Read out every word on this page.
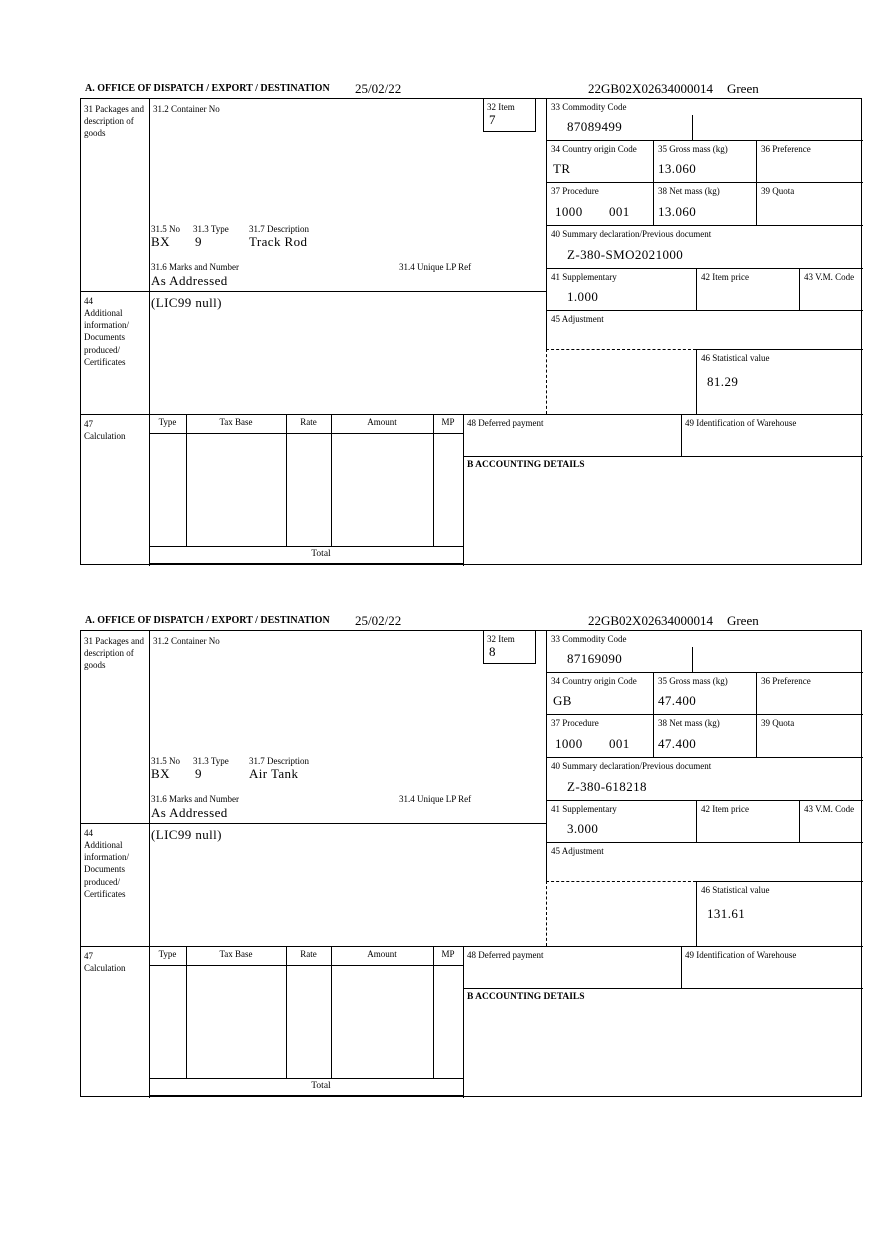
A. OFFICE OF DISPATCH / EXPORT / DESTINATION 25/02/22	22GB02X02634000014 Green
31 Packages and description of goods
44
Additional information/ Documents produced/ Certificates
47
Calculation
31.2 Container No	32 Item
7
31.5 No 31.3 Type 31.7 Description
BX 9	Track Rod
31.6 Marks and Number	31.4 Unique LP Ref
As Addressed
(LIC99 null)
33 Commodity Code
87089499
34 Country origin Code
TR
35 Gross mass (kg)
13.060
36 Preference
37 Procedure
1000 001
38 Net mass (kg)
13.060
39 Quota
40 Summary declaration/Previous document
Z-380-SMO2021000
41 Supplementary
1.000
42 Item price	43 V.M. Code
45 Adjustment
46 Statistical value
81.29
Type	Tax Base	Rate	Amount	MP
Total
48 Deferred payment	49 Identification of Warehouse
B ACCOUNTING DETAILS
A. OFFICE OF DISPATCH / EXPORT / DESTINATION 25/02/22	22GB02X02634000014 Green
31 Packages and description of goods
44
Additional information/ Documents produced/ Certificates
47
Calculation
31.2 Container No	32 Item
8
31.5 No 31.3 Type 31.7 Description
BX 9	Air Tank
31.6 Marks and Number	31.4 Unique LP Ref
As Addressed
(LIC99 null)
33 Commodity Code
87169090
34 Country origin Code
GB
35 Gross mass (kg)
47.400
36 Preference
37 Procedure
1000 001
38 Net mass (kg)
47.400
39 Quota
40 Summary declaration/Previous document
Z-380-618218
41 Supplementary
3.000
42 Item price	43 V.M. Code
45 Adjustment
46 Statistical value
131.61
Type	Tax Base	Rate	Amount	MP
Total
48 Deferred payment	49 Identification of Warehouse
B ACCOUNTING DETAILS
